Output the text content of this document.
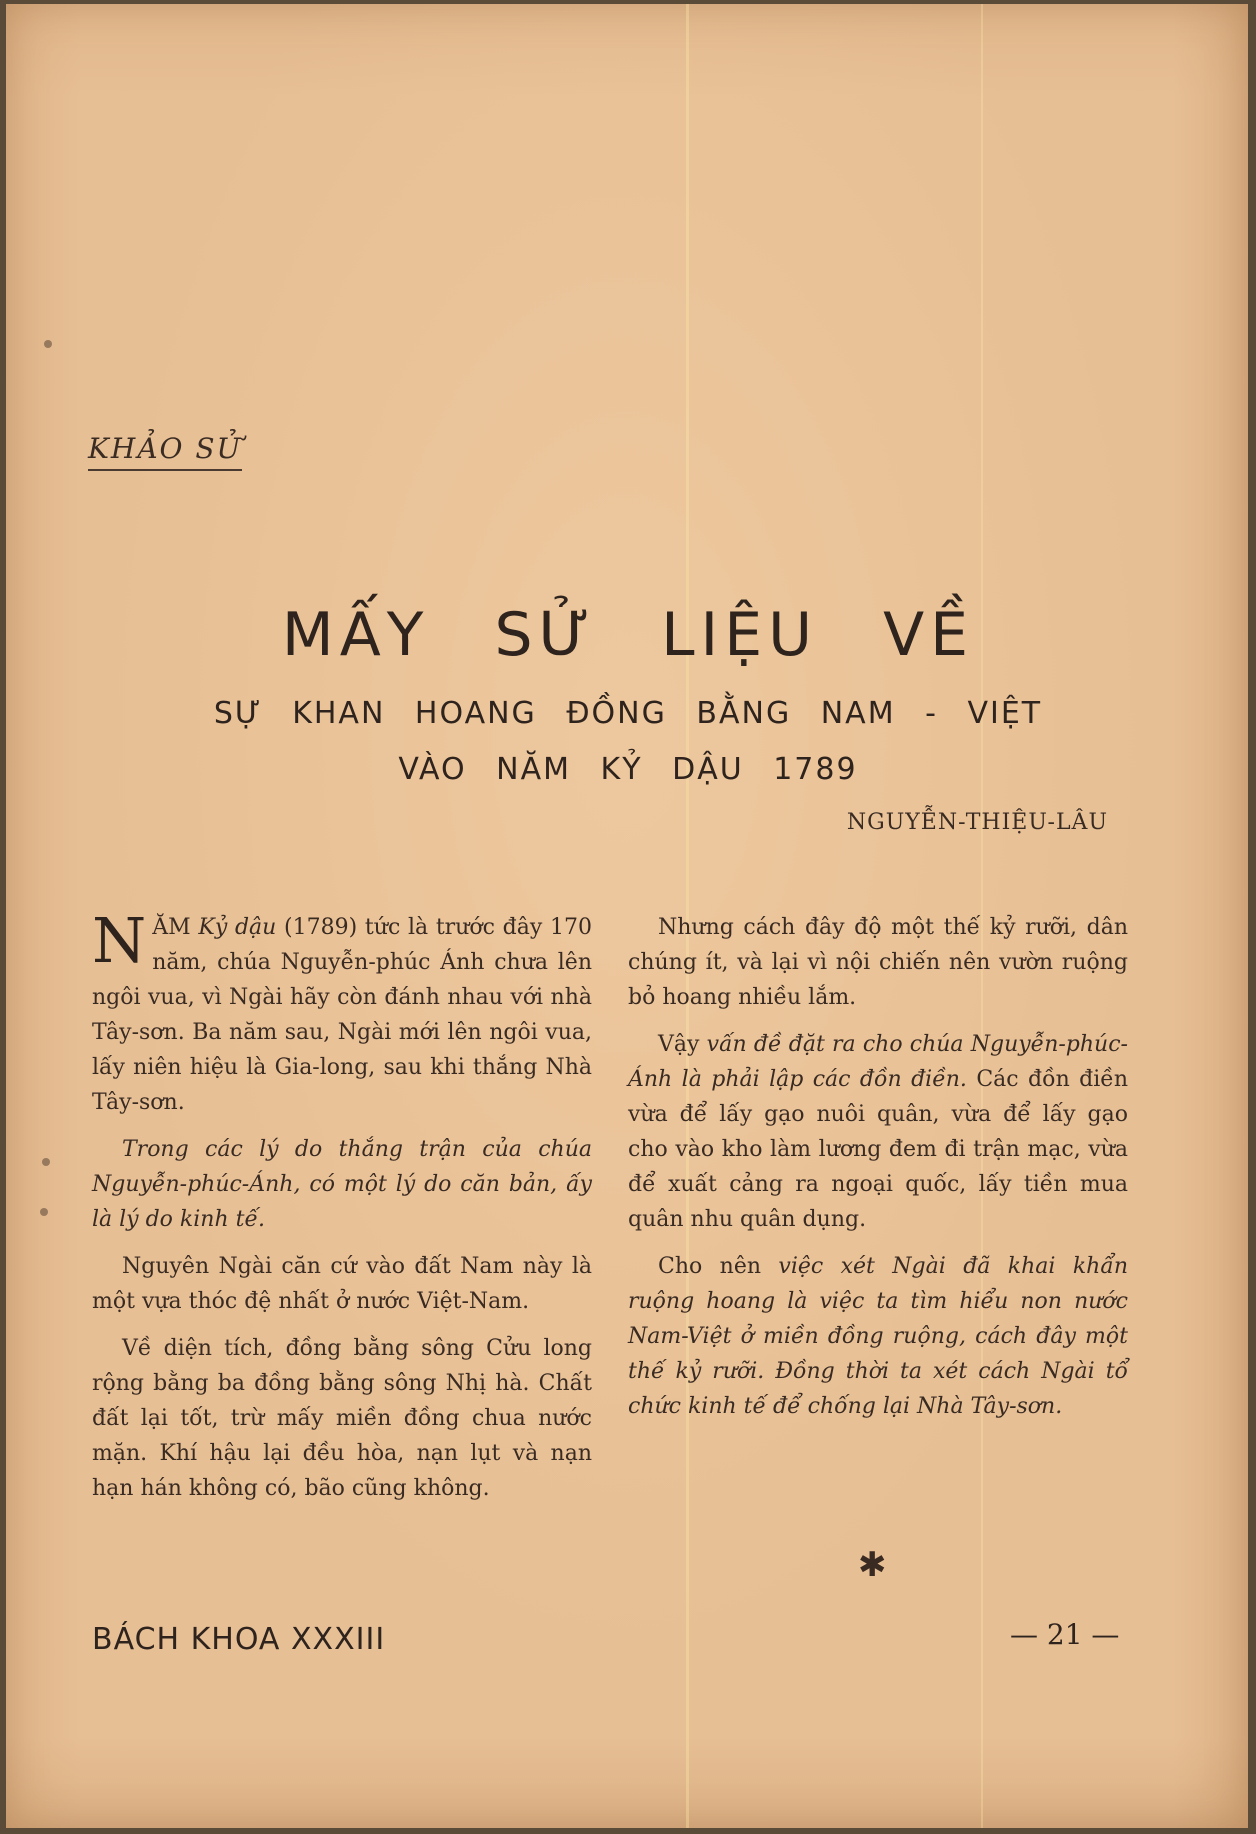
KHẢO SỬ
MẤY SỬ LIỆU VỀ
SỰ KHAN HOANG ĐỒNG BẰNG NAM - VIỆT
VÀO NĂM KỶ DẬU 1789
NGUYỄN-THIỆU-LÂU

NĂM Kỷ dậu (1789) tức là trước đây 170 năm, chúa Nguyễn-phúc Ánh chưa lên ngôi vua, vì Ngài hãy còn đánh nhau với nhà Tây-sơn. Ba năm sau, Ngài mới lên ngôi vua, lấy niên hiệu là Gia-long, sau khi thắng Nhà Tây-sơn.

Trong các lý do thắng trận của chúa Nguyễn-phúc-Ánh, có một lý do căn bản, ấy là lý do kinh tế.

Nguyên Ngài căn cứ vào đất Nam này là một vựa thóc đệ nhất ở nước Việt-Nam.

Về diện tích, đồng bằng sông Cửu long rộng bằng ba đồng bằng sông Nhị hà. Chất đất lại tốt, trừ mấy miền đồng chua nước mặn. Khí hậu lại đều hòa, nạn lụt và nạn hạn hán không có, bão cũng không.

Nhưng cách đây độ một thế kỷ rưỡi, dân chúng ít, và lại vì nội chiến nên vườn ruộng bỏ hoang nhiều lắm.

Vậy vấn đề đặt ra cho chúa Nguyễn-phúc-Ánh là phải lập các đồn điền. Các đồn điền vừa để lấy gạo nuôi quân, vừa để lấy gạo cho vào kho làm lương đem đi trận mạc, vừa để xuất cảng ra ngoại quốc, lấy tiền mua quân nhu quân dụng.

Cho nên việc xét Ngài đã khai khẩn ruộng hoang là việc ta tìm hiểu non nước Nam-Việt ở miền đồng ruộng, cách đây một thế kỷ rưỡi. Đồng thời ta xét cách Ngài tổ chức kinh tế để chống lại Nhà Tây-sơn.

✱
BÁCH KHOA XXXIII	— 21 —
